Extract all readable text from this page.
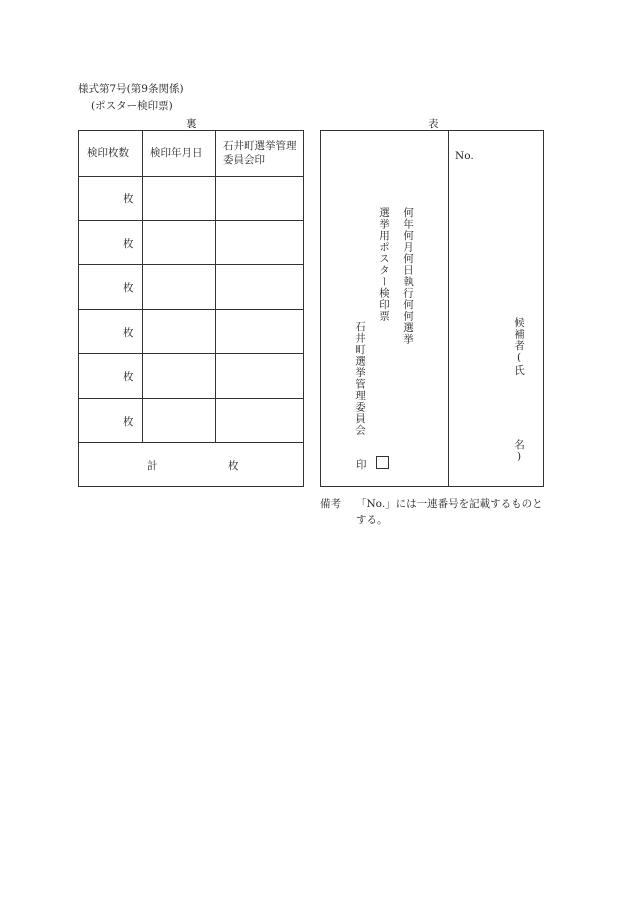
様式第7号(第9条関係)
(ポスター検印票)
裏	表
検印枚数 検印年月日
石井町選挙管理委員会印
枚
枚
枚
枚
枚
枚
計	枚
No.
何年何月何日執行何何選挙
選挙用ポスター検印票
石井町選挙管理委員会
印
候補者(氏
名)
備考 「No.」には一連番号を記載するものとする。
